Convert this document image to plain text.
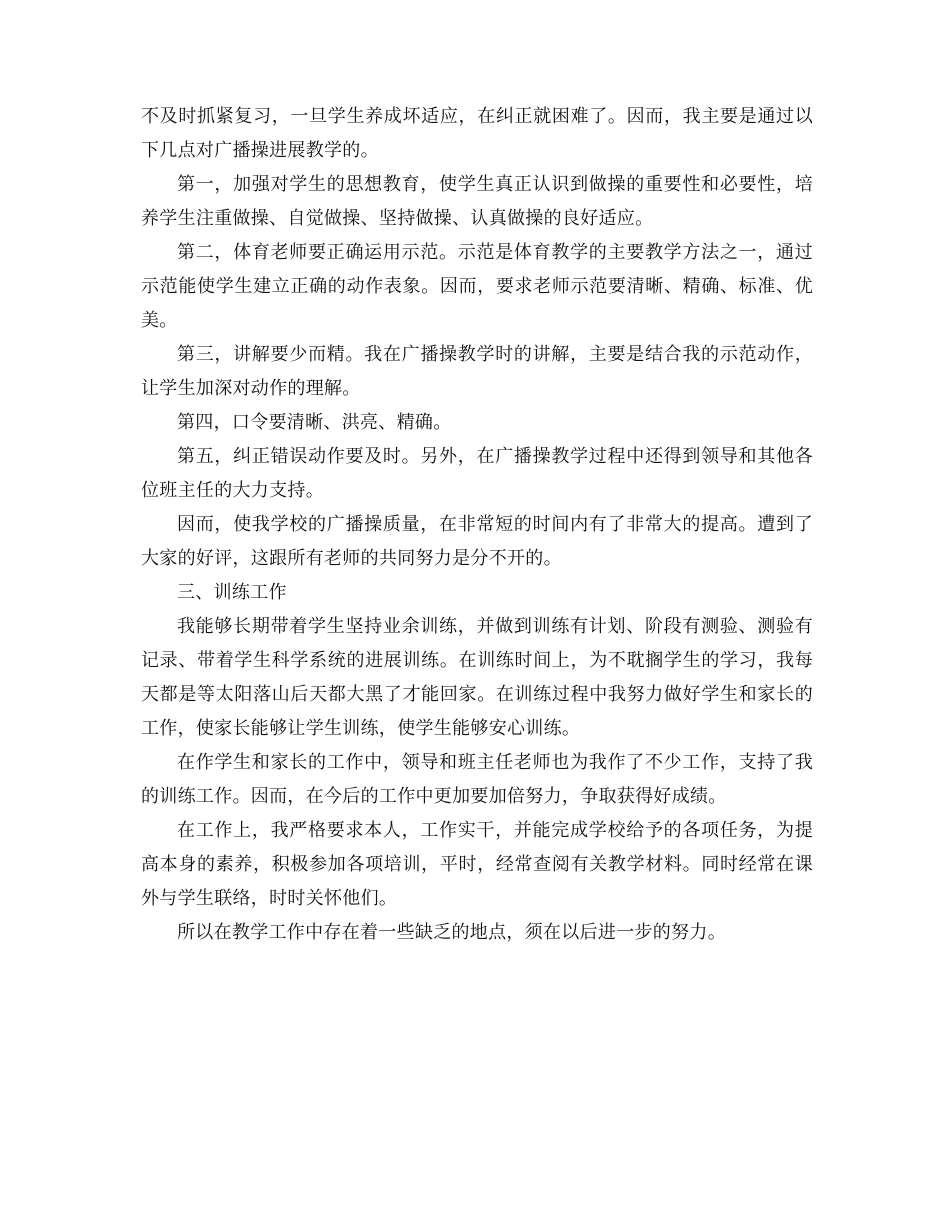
不及时抓紧复习，一旦学生养成坏适应，在纠正就困难了。因而，我主要是通过以下几点对广播操进展教学的。

第一，加强对学生的思想教育，使学生真正认识到做操的重要性和必要性，培养学生注重做操、自觉做操、坚持做操、认真做操的良好适应。

第二，体育老师要正确运用示范。示范是体育教学的主要教学方法之一，通过示范能使学生建立正确的动作表象。因而，要求老师示范要清晰、精确、标准、优美。

第三，讲解要少而精。我在广播操教学时的讲解，主要是结合我的示范动作，让学生加深对动作的理解。

第四，口令要清晰、洪亮、精确。

第五，纠正错误动作要及时。另外，在广播操教学过程中还得到领导和其他各位班主任的大力支持。

因而，使我学校的广播操质量，在非常短的时间内有了非常大的提高。遭到了大家的好评，这跟所有老师的共同努力是分不开的。

三、训练工作

我能够长期带着学生坚持业余训练，并做到训练有计划、阶段有测验、测验有记录、带着学生科学系统的进展训练。在训练时间上，为不耽搁学生的学习，我每天都是等太阳落山后天都大黑了才能回家。在训练过程中我努力做好学生和家长的工作，使家长能够让学生训练，使学生能够安心训练。

在作学生和家长的工作中，领导和班主任老师也为我作了不少工作，支持了我的训练工作。因而，在今后的工作中更加要加倍努力，争取获得好成绩。

在工作上，我严格要求本人，工作实干，并能完成学校给予的各项任务，为提高本身的素养，积极参加各项培训，平时，经常查阅有关教学材料。同时经常在课外与学生联络，时时关怀他们。

所以在教学工作中存在着一些缺乏的地点，须在以后进一步的努力。
